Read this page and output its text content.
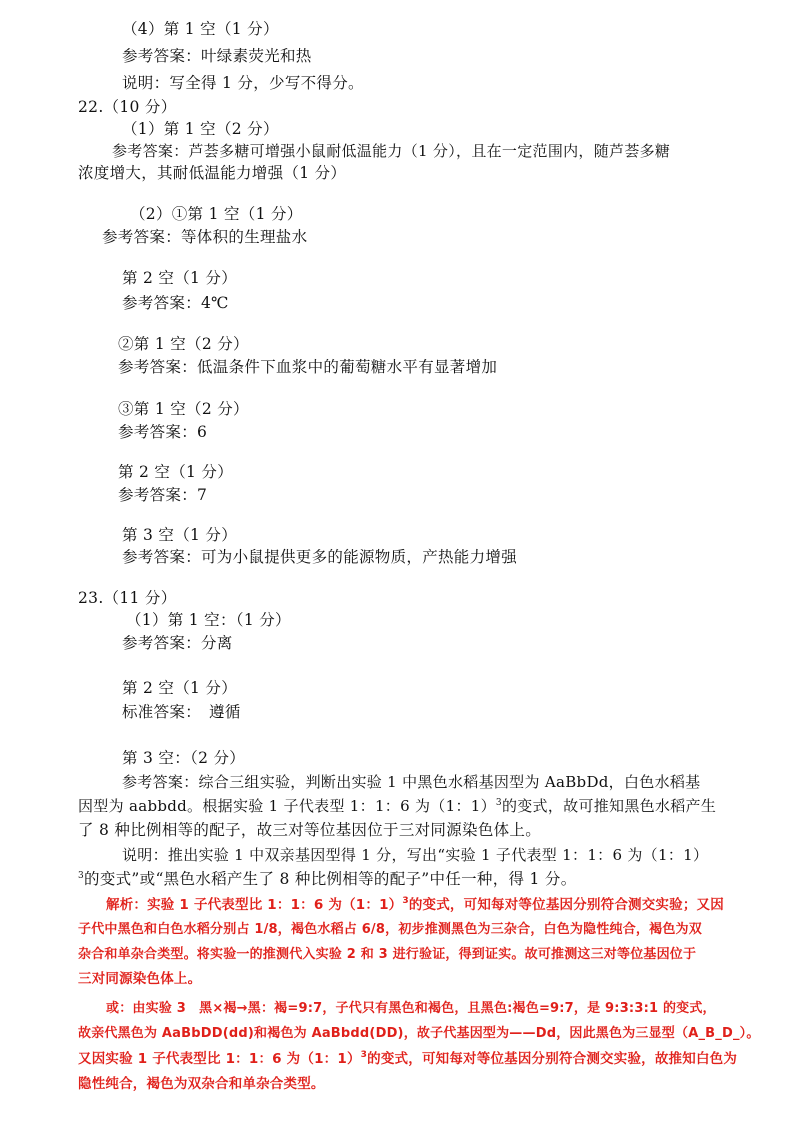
（4）第 1 空（1 分）
参考答案：叶绿素荧光和热
说明：写全得 1 分，少写不得分。
22.（10 分）
（1）第 1 空（2 分）
参考答案：芦荟多糖可增强小鼠耐低温能力（1 分），且在一定范围内，随芦荟多糖
浓度增大，其耐低温能力增强（1 分）
（2）①第 1 空（1 分）
参考答案：等体积的生理盐水
第 2 空（1 分）
参考答案：4℃
②第 1 空（2 分）
参考答案：低温条件下血浆中的葡萄糖水平有显著增加
③第 1 空（2 分）
参考答案：6
第 2 空（1 分）
参考答案：7
第 3 空（1 分）
参考答案：可为小鼠提供更多的能源物质，产热能力增强
23.（11 分）
（1）第 1 空：（1 分）
参考答案：分离
第 2 空（1 分）
标准答案：　遵循
第 3 空：（2 分）
参考答案：综合三组实验，判断出实验 1 中黑色水稻基因型为 AaBbDd，白色水稻基
因型为 aabbdd。根据实验 1 子代表型 1：1：6 为（1：1）$^3$的变式，故可推知黑色水稻产生
了 8 种比例相等的配子，故三对等位基因位于三对同源染色体上。
说明：推出实验 1 中双亲基因型得 1 分，写出“实验 1 子代表型 1：1：6 为（1：1）
$^3$的变式”或“黑色水稻产生了 8 种比例相等的配子”中任一种，得 1 分。
解析：实验 1 子代表型比 1：1：6 为（1：1）$^3$的变式，可知每对等位基因分别符合测交实验；又因
子代中黑色和白色水稻分别占 1/8，褐色水稻占 6/8，初步推测黑色为三杂合，白色为隐性纯合，褐色为双
杂合和单杂合类型。将实验一的推测代入实验 2 和 3 进行验证，得到证实。故可推测这三对等位基因位于
三对同源染色体上。
或：由实验 3　黑×褐→黑：褐=9:7，子代只有黑色和褐色，且黑色:褐色=9:7，是 9:3:3:1 的变式，
故亲代黑色为 AaBbDD(dd)和褐色为 AaBbdd(DD)，故子代基因型为——Dd，因此黑色为三显型（A_B_D_）。
又因实验 1 子代表型比 1：1：6 为（1：1）$^3$的变式，可知每对等位基因分别符合测交实验，故推知白色为
隐性纯合，褐色为双杂合和单杂合类型。
